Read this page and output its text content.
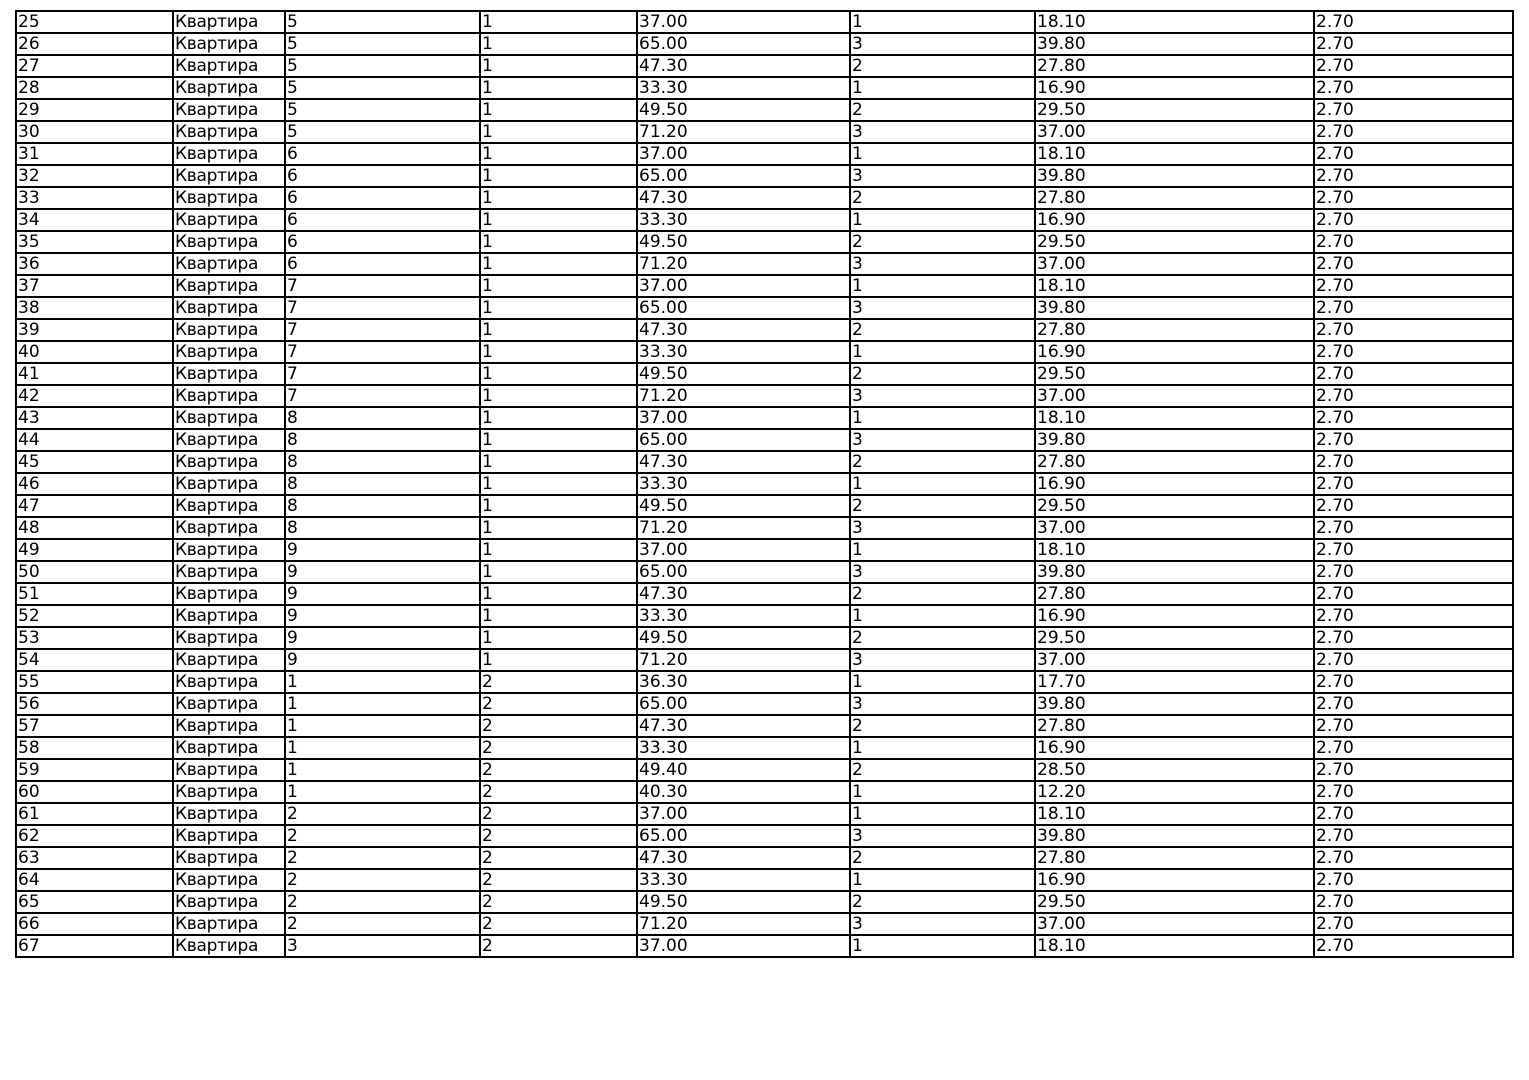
25	Квартира	5	1	37.00	1	18.10	2.70
26	Квартира	5	1	65.00	3	39.80	2.70
27	Квартира	5	1	47.30	2	27.80	2.70
28	Квартира	5	1	33.30	1	16.90	2.70
29	Квартира	5	1	49.50	2	29.50	2.70
30	Квартира	5	1	71.20	3	37.00	2.70
31	Квартира	6	1	37.00	1	18.10	2.70
32	Квартира	6	1	65.00	3	39.80	2.70
33	Квартира	6	1	47.30	2	27.80	2.70
34	Квартира	6	1	33.30	1	16.90	2.70
35	Квартира	6	1	49.50	2	29.50	2.70
36	Квартира	6	1	71.20	3	37.00	2.70
37	Квартира	7	1	37.00	1	18.10	2.70
38	Квартира	7	1	65.00	3	39.80	2.70
39	Квартира	7	1	47.30	2	27.80	2.70
40	Квартира	7	1	33.30	1	16.90	2.70
41	Квартира	7	1	49.50	2	29.50	2.70
42	Квартира	7	1	71.20	3	37.00	2.70
43	Квартира	8	1	37.00	1	18.10	2.70
44	Квартира	8	1	65.00	3	39.80	2.70
45	Квартира	8	1	47.30	2	27.80	2.70
46	Квартира	8	1	33.30	1	16.90	2.70
47	Квартира	8	1	49.50	2	29.50	2.70
48	Квартира	8	1	71.20	3	37.00	2.70
49	Квартира	9	1	37.00	1	18.10	2.70
50	Квартира	9	1	65.00	3	39.80	2.70
51	Квартира	9	1	47.30	2	27.80	2.70
52	Квартира	9	1	33.30	1	16.90	2.70
53	Квартира	9	1	49.50	2	29.50	2.70
54	Квартира	9	1	71.20	3	37.00	2.70
55	Квартира	1	2	36.30	1	17.70	2.70
56	Квартира	1	2	65.00	3	39.80	2.70
57	Квартира	1	2	47.30	2	27.80	2.70
58	Квартира	1	2	33.30	1	16.90	2.70
59	Квартира	1	2	49.40	2	28.50	2.70
60	Квартира	1	2	40.30	1	12.20	2.70
61	Квартира	2	2	37.00	1	18.10	2.70
62	Квартира	2	2	65.00	3	39.80	2.70
63	Квартира	2	2	47.30	2	27.80	2.70
64	Квартира	2	2	33.30	1	16.90	2.70
65	Квартира	2	2	49.50	2	29.50	2.70
66	Квартира	2	2	71.20	3	37.00	2.70
67	Квартира	3	2	37.00	1	18.10	2.70
